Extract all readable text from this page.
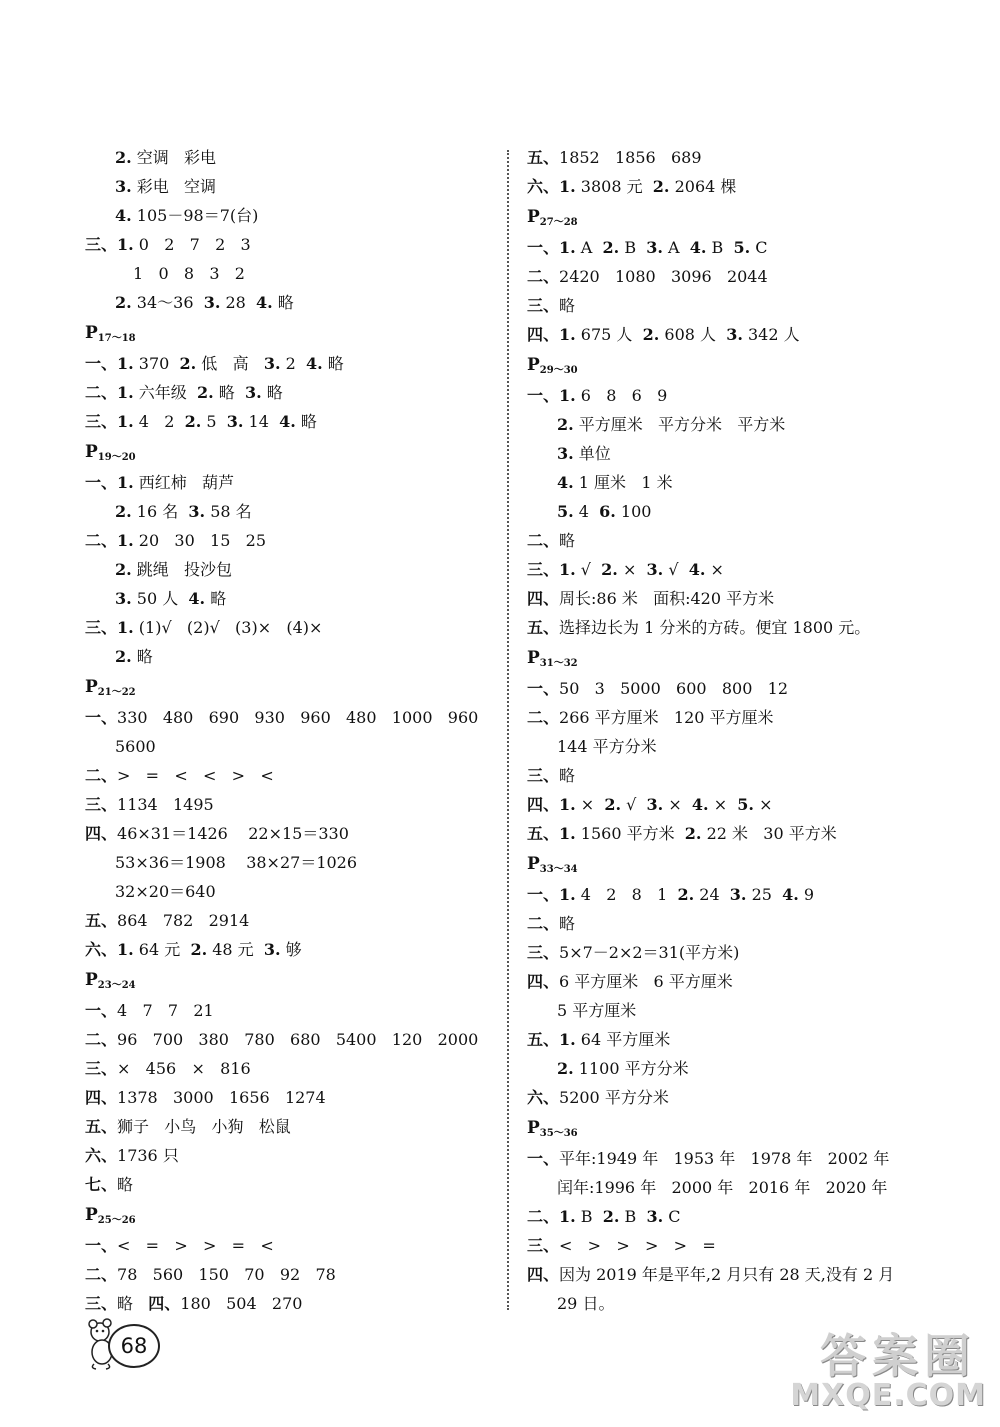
2. 空调   彩电
3. 彩电   空调
4. 105－98＝7(台)
三、1. 0   2   7   2   3
1   0   8   3   2
2. 34～36  3. 28  4. 略
$P_{17\sim 18}$
一、1. 370  2. 低   高   3. 2  4. 略
二、1. 六年级  2. 略  3. 略
三、1. 4   2  2. 5  3. 14  4. 略
$P_{19\sim 20}$
一、1. 西红柿   葫芦
2. 16 名  3. 58 名
二、1. 20   30   15   25
2. 跳绳   投沙包
3. 50 人  4. 略
三、1. (1)√   (2)√   (3)×   (4)×
2. 略
$P_{21\sim 22}$
一、330   480   690   930   960   480   1000   960
5600
二、>   =   <   <   >   <
三、1134   1495
四、46×31＝1426    22×15＝330
53×36＝1908    38×27＝1026
32×20＝640
五、864   782   2914
六、1. 64 元  2. 48 元  3. 够
$P_{23\sim 24}$
一、4   7   7   21
二、96   700   380   780   680   5400   120   2000
三、×   456   ×   816
四、1378   3000   1656   1274
五、狮子   小鸟   小狗   松鼠
六、1736 只
七、略
$P_{25\sim 26}$
一、<   =   >   >   =   <
二、78   560   150   70   92   78
三、略   四、180   504   270
五、1852   1856   689
六、1. 3808 元  2. 2064 棵
$P_{27\sim 28}$
一、1. A  2. B  3. A  4. B  5. C
二、2420   1080   3096   2044
三、略
四、1. 675 人  2. 608 人  3. 342 人
$P_{29\sim 30}$
一、1. 6   8   6   9
2. 平方厘米   平方分米   平方米
3. 单位
4. 1 厘米   1 米
5. 4  6. 100
二、略
三、1. √  2. ×  3. √  4. ×
四、周长:86 米   面积:420 平方米
五、选择边长为 1 分米的方砖。便宜 1800 元。
$P_{31\sim 32}$
一、50   3   5000   600   800   12
二、266 平方厘米   120 平方厘米
144 平方分米
三、略
四、1. ×  2. √  3. ×  4. ×  5. ×
五、1. 1560 平方米  2. 22 米   30 平方米
$P_{33\sim 34}$
一、1. 4   2   8   1  2. 24  3. 25  4. 9
二、略
三、5×7－2×2＝31(平方米)
四、6 平方厘米   6 平方厘米
5 平方厘米
五、1. 64 平方厘米
2. 1100 平方分米
六、5200 平方分米
$P_{35\sim 36}$
一、平年:1949 年   1953 年   1978 年   2002 年
闰年:1996 年   2000 年   2016 年   2020 年
二、1. B  2. B  3. C
三、<   >   >   >   >   =
四、因为 2019 年是平年,2 月只有 28 天,没有 2 月
29 日。
68	答案圈
MXQE.COM
